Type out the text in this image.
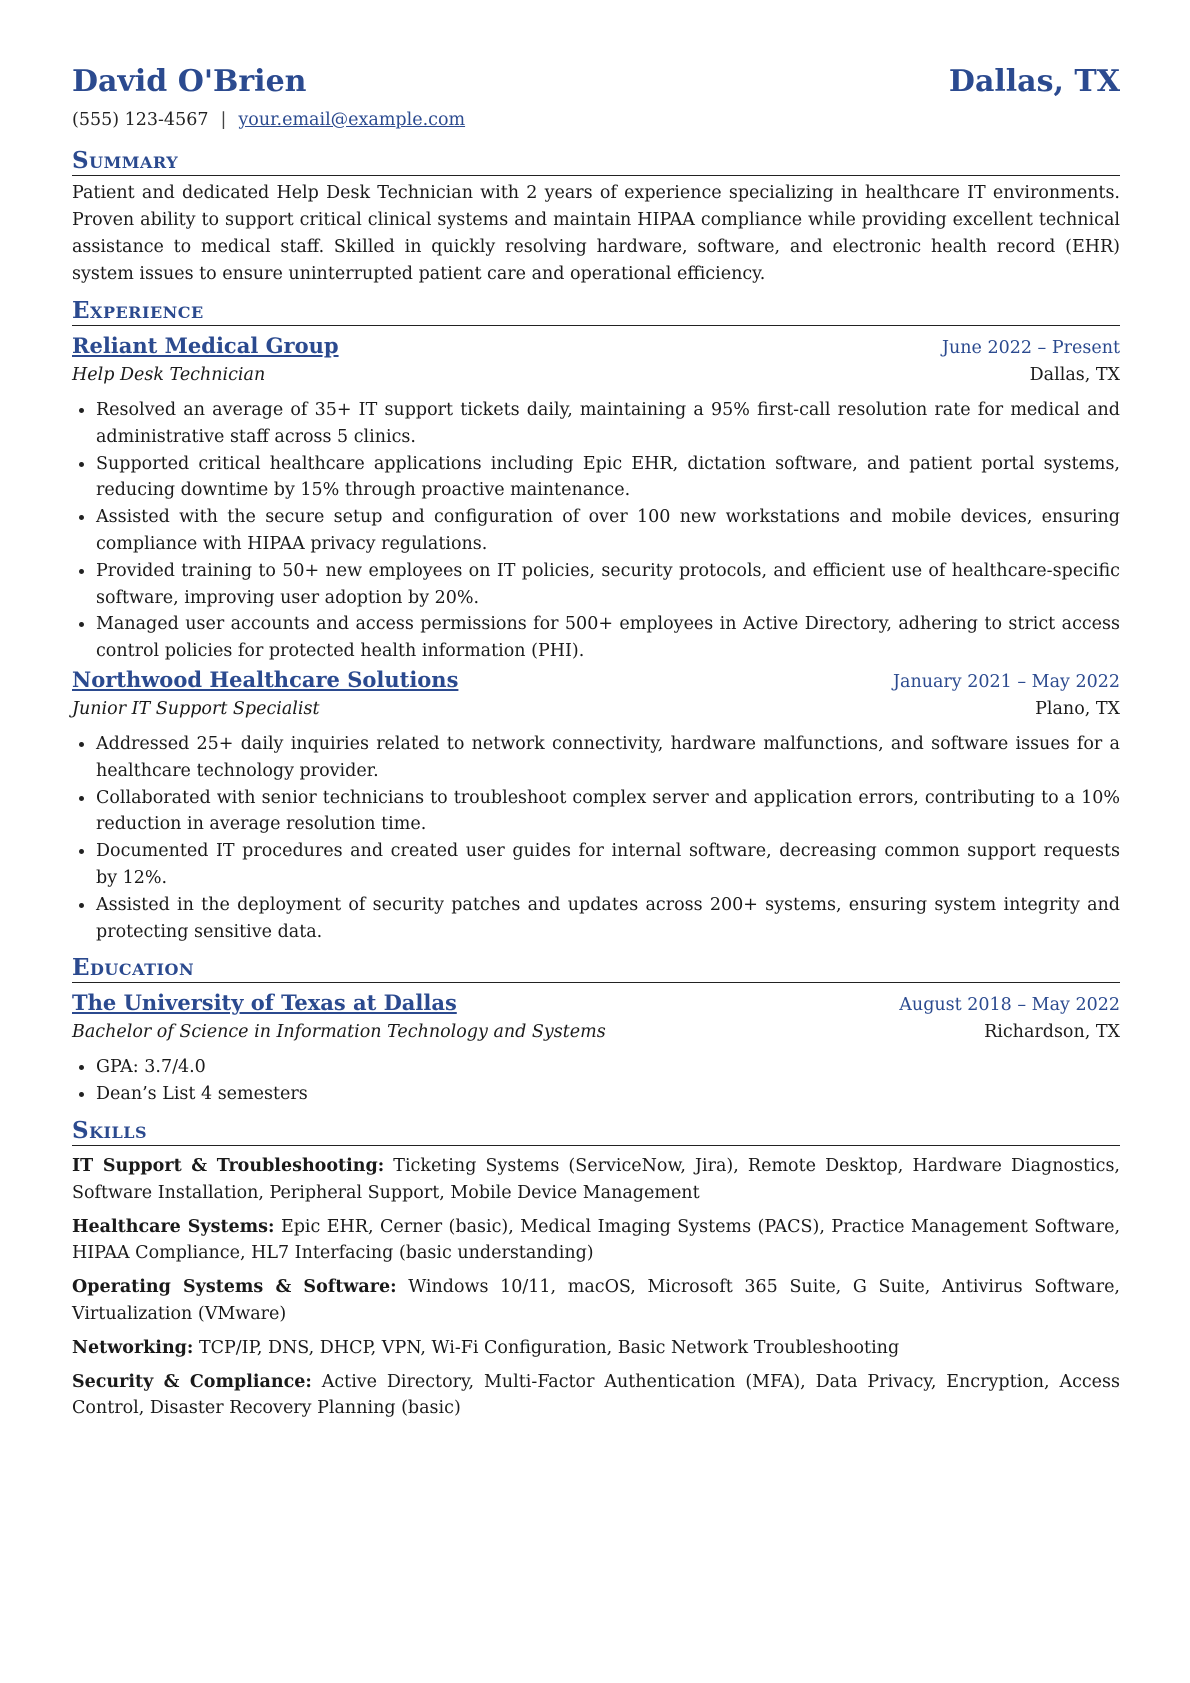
David O'Brien	Dallas, TX
(555) 123-4567 | your.email@example.com
Summary

Patient and dedicated Help Desk Technician with 2 years of experience specializing in healthcare IT environments. Proven ability to support critical clinical systems and maintain HIPAA compliance while providing excellent technical assistance to medical staff. Skilled in quickly resolving hardware, software, and electronic health record (EHR) system issues to ensure uninterrupted patient care and operational efficiency.

Experience
Reliant Medical Group	June 2022 – Present
Help Desk Technician	Dallas, TX
Resolved an average of 35+ IT support tickets daily, maintaining a 95% first-call resolution rate for medical and administrative staff across 5 clinics.
Supported critical healthcare applications including Epic EHR, dictation software, and patient portal systems, reducing downtime by 15% through proactive maintenance.
Assisted with the secure setup and configuration of over 100 new workstations and mobile devices, ensuring compliance with HIPAA privacy regulations.
Provided training to 50+ new employees on IT policies, security protocols, and efficient use of healthcare-specific software, improving user adoption by 20%.
Managed user accounts and access permissions for 500+ employees in Active Directory, adhering to strict access control policies for protected health information (PHI).
Northwood Healthcare Solutions	January 2021 – May 2022
Junior IT Support Specialist	Plano, TX
Addressed 25+ daily inquiries related to network connectivity, hardware malfunctions, and software issues for a healthcare technology provider.
Collaborated with senior technicians to troubleshoot complex server and application errors, contributing to a 10% reduction in average resolution time.
Documented IT procedures and created user guides for internal software, decreasing common support requests by 12%.
Assisted in the deployment of security patches and updates across 200+ systems, ensuring system integrity and protecting sensitive data.
Education
The University of Texas at Dallas	August 2018 – May 2022
Bachelor of Science in Information Technology and Systems	Richardson, TX
GPA: 3.7/4.0
Dean’s List 4 semesters
Skills

IT Support & Troubleshooting: Ticketing Systems (ServiceNow, Jira), Remote Desktop, Hardware Diagnostics, Software Installation, Peripheral Support, Mobile Device Management

Healthcare Systems: Epic EHR, Cerner (basic), Medical Imaging Systems (PACS), Practice Management Software, HIPAA Compliance, HL7 Interfacing (basic understanding)

Operating Systems & Software: Windows 10/11, macOS, Microsoft 365 Suite, G Suite, Antivirus Software, Virtualization (VMware)

Networking: TCP/IP, DNS, DHCP, VPN, Wi-Fi Configuration, Basic Network Troubleshooting

Security & Compliance: Active Directory, Multi-Factor Authentication (MFA), Data Privacy, Encryption, Access Control, Disaster Recovery Planning (basic)
